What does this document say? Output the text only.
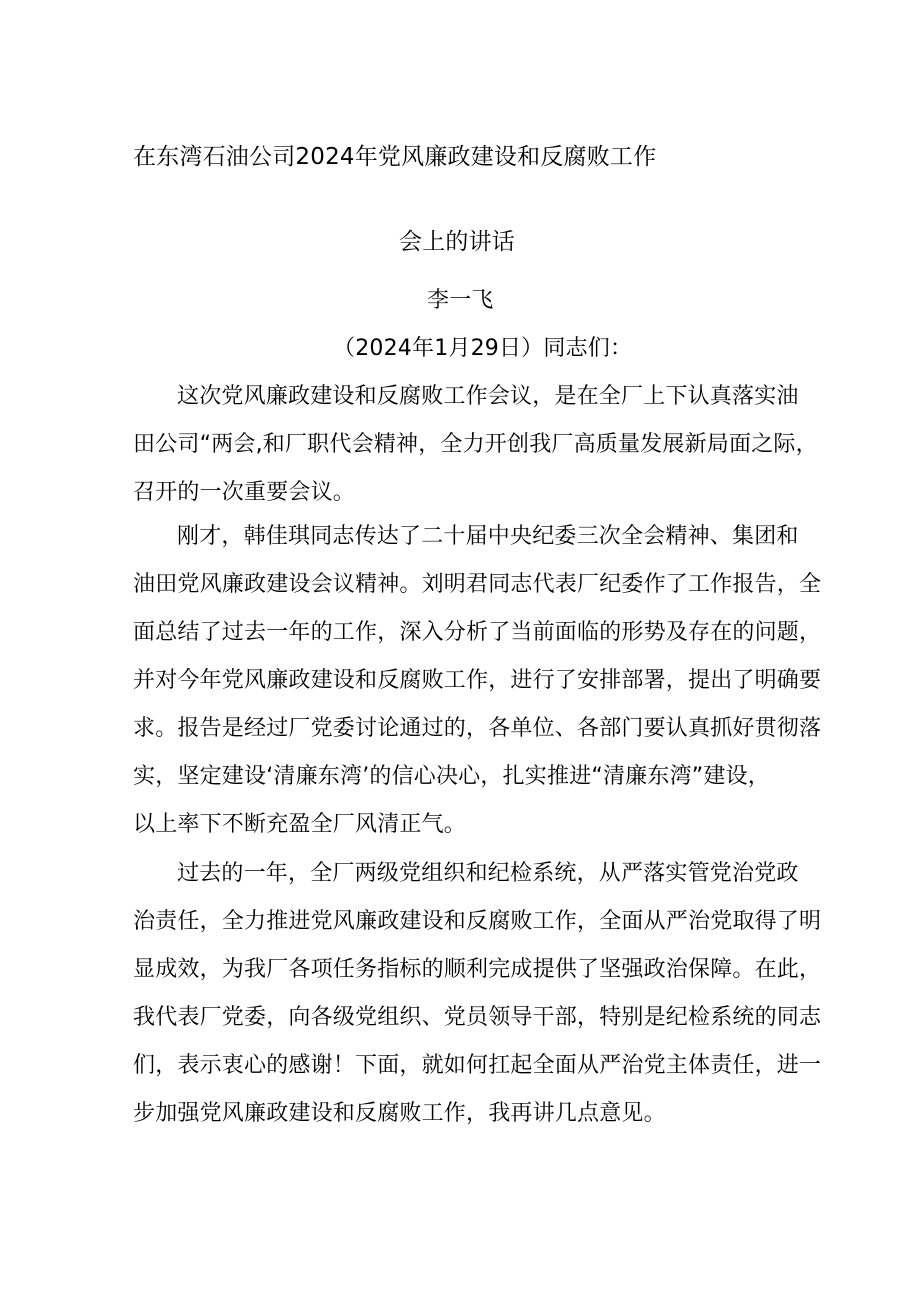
在东湾石油公司2024年党风廉政建设和反腐败工作
会上的讲话
李一飞
（2024年1月29日）同志们：
这次党风廉政建设和反腐败工作会议，是在全厂上下认真落实油
田公司“两会,和厂职代会精神，全力开创我厂高质量发展新局面之际，
召开的一次重要会议。
刚才，韩佳琪同志传达了二十届中央纪委三次全会精神、集团和
油田党风廉政建设会议精神。刘明君同志代表厂纪委作了工作报告，全
面总结了过去一年的工作，深入分析了当前面临的形势及存在的问题，
并对今年党风廉政建设和反腐败工作，进行了安排部署，提出了明确要
求。报告是经过厂党委讨论通过的，各单位、各部门要认真抓好贯彻落
实，坚定建设‘清廉东湾’的信心决心，扎实推进“清廉东湾”建设，
以上率下不断充盈全厂风清正气。
过去的一年，全厂两级党组织和纪检系统，从严落实管党治党政
治责任，全力推进党风廉政建设和反腐败工作，全面从严治党取得了明
显成效，为我厂各项任务指标的顺利完成提供了坚强政治保障。在此，
我代表厂党委，向各级党组织、党员领导干部，特别是纪检系统的同志
们，表示衷心的感谢！下面，就如何扛起全面从严治党主体责任，进一
步加强党风廉政建设和反腐败工作，我再讲几点意见。
